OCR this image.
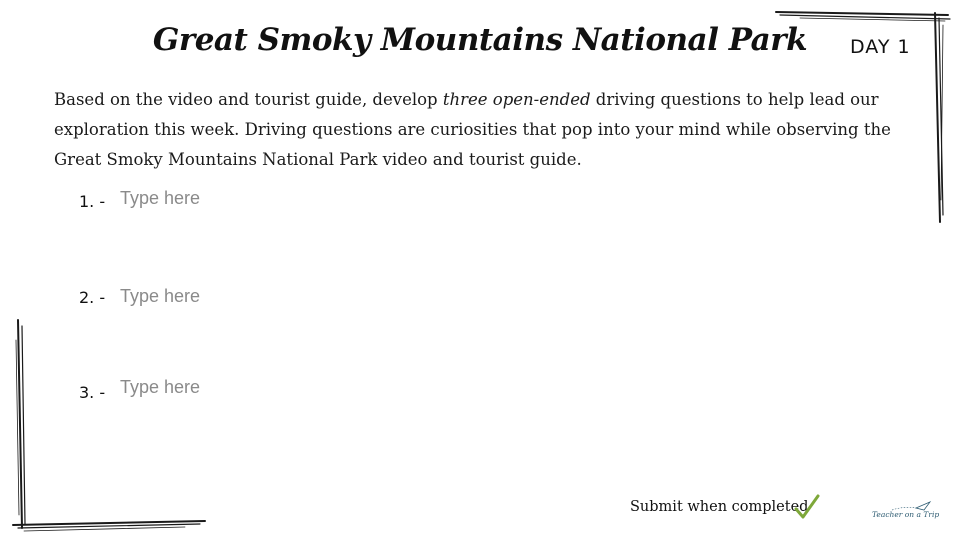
Great Smoky Mountains National Park	DAY 1
Based on the video and tourist guide, develop three open-ended driving questions to help lead our exploration this week. Driving questions are curiosities that pop into your mind while observing the Great Smoky Mountains National Park video and tourist guide.
1. -
Type here
2. -
Type here
3. -
Type here
Submit when completed	Teacher on a Trip
